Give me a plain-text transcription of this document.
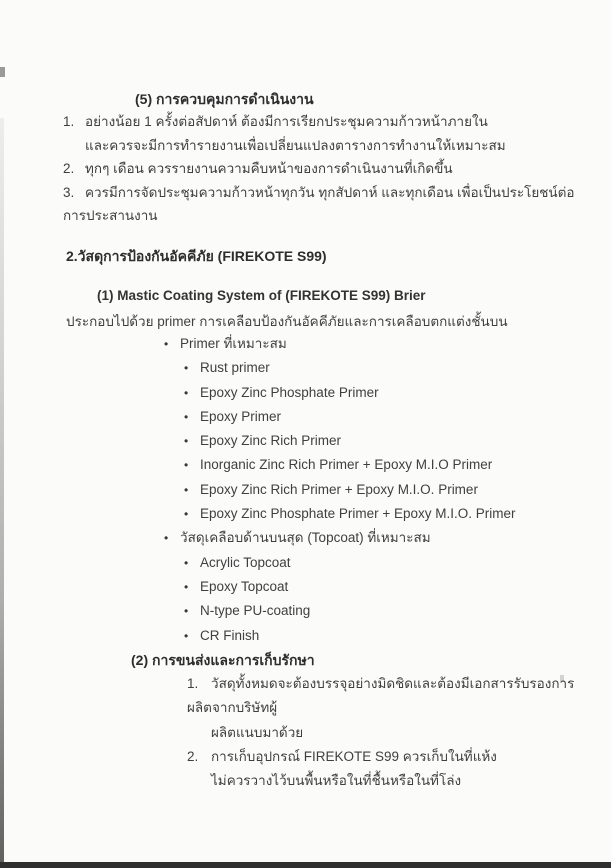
(5) การควบคุมการดำเนินงาน
1. อย่างน้อย 1 ครั้งต่อสัปดาห์ ต้องมีการเรียกประชุมความก้าวหน้าภายใน
และควรจะมีการทำรายงานเพื่อเปลี่ยนแปลงตารางการทำงานให้เหมาะสม
2. ทุกๆ เดือน ควรรายงานความคืบหน้าของการดำเนินงานที่เกิดขึ้น
3. ควรมีการจัดประชุมความก้าวหน้าทุกวัน ทุกสัปดาห์ และทุกเดือน เพื่อเป็นประโยชน์ต่อการประสานงาน
2.วัสดุการป้องกันอัคคีภัย (FIREKOTE S99)
(1) Mastic Coating System of (FIREKOTE S99) Brier
ประกอบไปด้วย primer การเคลือบป้องกันอัคคีภัยและการเคลือบตกแต่งชั้นบน
• Primer ที่เหมาะสม
• Rust primer
• Epoxy Zinc Phosphate Primer
• Epoxy Primer
• Epoxy Zinc Rich Primer
• Inorganic Zinc Rich Primer + Epoxy M.I.O Primer
• Epoxy Zinc Rich Primer + Epoxy M.I.O. Primer
• Epoxy Zinc Phosphate Primer + Epoxy M.I.O. Primer
• วัสดุเคลือบด้านบนสุด (Topcoat) ที่เหมาะสม
• Acrylic Topcoat
• Epoxy Topcoat
• N-type PU-coating
• CR Finish
(2) การขนส่งและการเก็บรักษา
1. วัสดุทั้งหมดจะต้องบรรจุอย่างมิดชิดและต้องมีเอกสารรับรองการผลิตจากบริษัทผู้
ผลิตแนบมาด้วย
2. การเก็บอุปกรณ์ FIREKOTE S99 ควรเก็บในที่แห้ง
ไม่ควรวางไว้บนพื้นหรือในที่ชื้นหรือในที่โล่ง
